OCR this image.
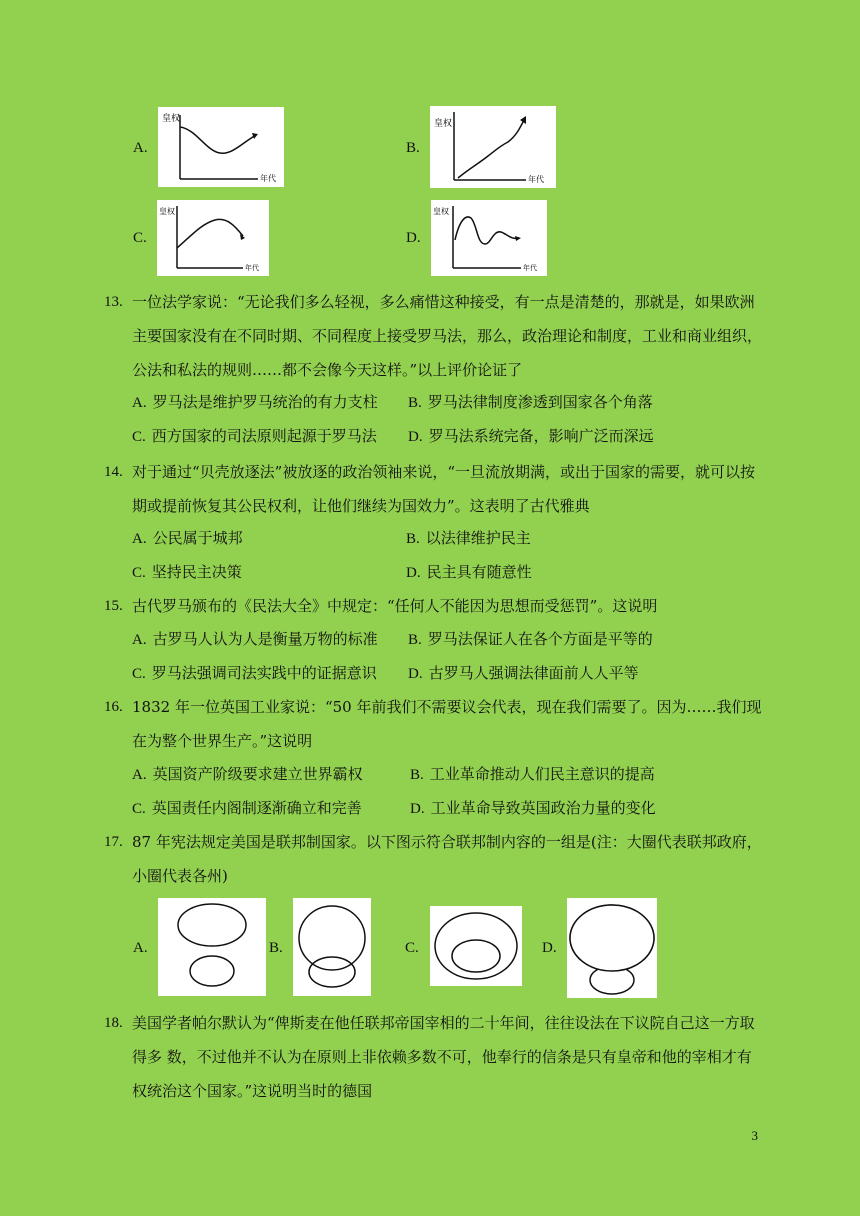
A.
皇权
年代
B.
皇权
年代
C.
皇权
年代
D.
皇权
年代
13. 一位法学家说：“无论我们多么轻视，多么痛惜这种接受，有一点是清楚的，那就是，如果欧洲主要国家没有在不同时期、不同程度上接受罗马法，那么，政治理论和制度，工业和商业组织，公法和私法的规则……都不会像今天这样。”以上评价论证了
A. 罗马法是维护罗马统治的有力支柱 B. 罗马法律制度渗透到国家各个角落
C. 西方国家的司法原则起源于罗马法 D. 罗马法系统完备，影响广泛而深远
14. 对于通过“贝壳放逐法”被放逐的政治领袖来说，“一旦流放期满，或出于国家的需要，就可以按期或提前恢复其公民权利，让他们继续为国效力”。这表明了古代雅典
A. 公民属于城邦	B. 以法律维护民主
C. 坚持民主决策	D. 民主具有随意性
15. 古代罗马颁布的《民法大全》中规定：“任何人不能因为思想而受惩罚”。这说明
A. 古罗马人认为人是衡量万物的标准 B. 罗马法保证人在各个方面是平等的
C. 罗马法强调司法实践中的证据意识 D. 古罗马人强调法律面前人人平等
16. 1832 年一位英国工业家说：“50 年前我们不需要议会代表，现在我们需要了。因为……我们现在为整个世界生产。”这说明
A. 英国资产阶级要求建立世界霸权	B. 工业革命推动人们民主意识的提高
C. 英国责任内阁制逐渐确立和完善	D. 工业革命导致英国政治力量的变化
17. 87 年宪法规定美国是联邦制国家。以下图示符合联邦制内容的一组是(注：大圈代表联邦政府，小圈代表各州)
A.	B.	C.	D.
18. 美国学者帕尔默认为“俾斯麦在他任联邦帝国宰相的二十年间，往往设法在下议院自己这一方取得多 数，不过他并不认为在原则上非依赖多数不可，他奉行的信条是只有皇帝和他的宰相才有权统治这个国家。”这说明当时的德国
3
